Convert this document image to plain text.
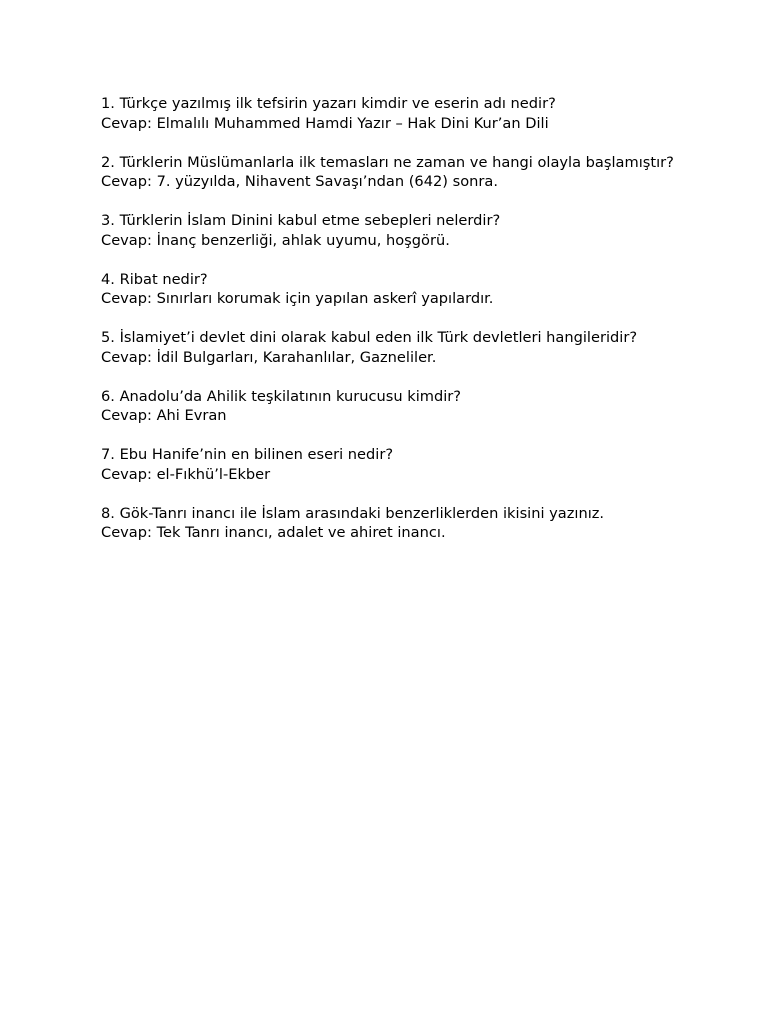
1. Türkçe yazılmış ilk tefsirin yazarı kimdir ve eserin adı nedir?

Cevap: Elmalılı Muhammed Hamdi Yazır – Hak Dini Kur’an Dili

2. Türklerin Müslümanlarla ilk temasları ne zaman ve hangi olayla başlamıştır?

Cevap: 7. yüzyılda, Nihavent Savaşı’ndan (642) sonra.

3. Türklerin İslam Dinini kabul etme sebepleri nelerdir?

Cevap: İnanç benzerliği, ahlak uyumu, hoşgörü.

4. Ribat nedir?

Cevap: Sınırları korumak için yapılan askerî yapılardır.

5. İslamiyet’i devlet dini olarak kabul eden ilk Türk devletleri hangileridir?

Cevap: İdil Bulgarları, Karahanlılar, Gazneliler.

6. Anadolu’da Ahilik teşkilatının kurucusu kimdir?

Cevap: Ahi Evran

7. Ebu Hanife’nin en bilinen eseri nedir?

Cevap: el-Fıkhü’l-Ekber

8. Gök-Tanrı inancı ile İslam arasındaki benzerliklerden ikisini yazınız.

Cevap: Tek Tanrı inancı, adalet ve ahiret inancı.
